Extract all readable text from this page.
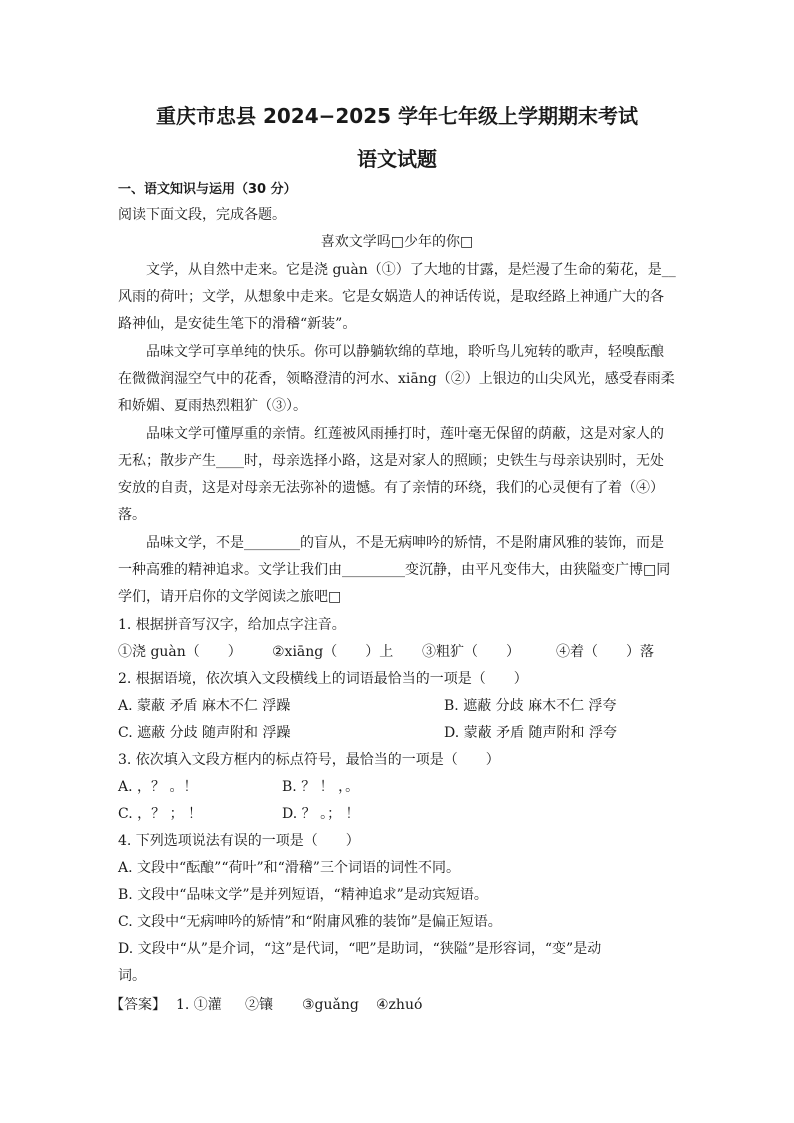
重庆市忠县 2024−2025 学年七年级上学期期末考试
语文试题
一、语文知识与运用（30 分）
阅读下面文段，完成各题。
喜欢文学吗□少年的你□
文学，从自然中走来。它是浇 guàn（①）了大地的甘露，是烂漫了生命的菊花，是__
风雨的荷叶；文学，从想象中走来。它是女娲造人的神话传说，是取经路上神通广大的各
路神仙，是安徒生笔下的滑稽“新装”。
品味文学可享单纯的快乐。你可以静躺软绵的草地，聆听鸟儿宛转的歌声，轻嗅酝酿
在微微润湿空气中的花香，领略澄清的河水、xiāng（②）上银边的山尖风光，感受春雨柔
和娇媚、夏雨热烈粗犷（③）。
品味文学可懂厚重的亲情。红莲被风雨捶打时，莲叶毫无保留的荫蔽，这是对家人的
无私；散步产生____时，母亲选择小路，这是对家人的照顾；史铁生与母亲诀别时，无处
安放的自责，这是对母亲无法弥补的遗憾。有了亲情的环绕，我们的心灵便有了着（④）
落。
品味文学，不是________的盲从，不是无病呻吟的矫情，不是附庸风雅的装饰，而是
一种高雅的精神追求。文学让我们由_________变沉静，由平凡变伟大，由狭隘变广博□同
学们，请开启你的文学阅读之旅吧□
1. 根据拼音写汉字，给加点字注音。
①浇 guàn（　　） ②xiāng（　　）上 ③粗犷（　　）	④着（　　）落
2. 根据语境，依次填入文段横线上的词语最恰当的一项是（　　）
A. 蒙蔽 矛盾 麻木不仁 浮躁	B. 遮蔽 分歧 麻木不仁 浮夸
C. 遮蔽 分歧 随声附和 浮躁	D. 蒙蔽 矛盾 随声附和 浮夸
3. 依次填入文段方框内的标点符号，最恰当的一项是（　　）
A. ，？ 。！	B. ？ ！ ，。
C. ，？ ； ！	D. ？ 。； ！
4. 下列选项说法有误的一项是（　　）
A. 文段中“酝酿”“荷叶”和“滑稽”三个词语的词性不同。
B. 文段中“品味文学”是并列短语，“精神追求”是动宾短语。
C. 文段中“无病呻吟的矫情”和“附庸风雅的装饰”是偏正短语。
D. 文段中“从”是介词，“这”是代词，“吧”是助词，“狭隘”是形容词，“变”是动
词。
【答案】 1. ①灌 ②镶 ③guǎng ④zhuó
